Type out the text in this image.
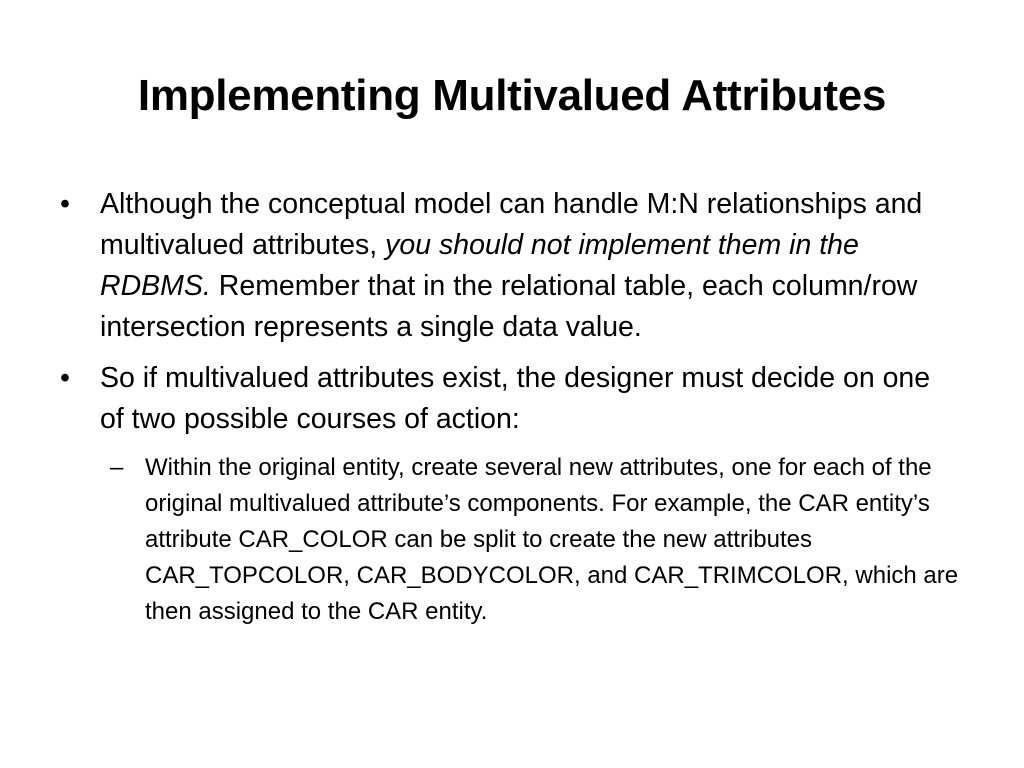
Implementing Multivalued Attributes
•	Although the conceptual model can handle M:N relationships and multivalued attributes, you should not implement them in the RDBMS. Remember that in the relational table, each column/row intersection represents a single data value.
•	So if multivalued attributes exist, the designer must decide on one of two possible courses of action:
– Within the original entity, create several new attributes, one for each of the original multivalued attribute’s components. For example, the CAR entity’s attribute CAR_COLOR can be split to create the new attributes CAR_TOPCOLOR, CAR_BODYCOLOR, and CAR_TRIMCOLOR, which are then assigned to the CAR entity.
